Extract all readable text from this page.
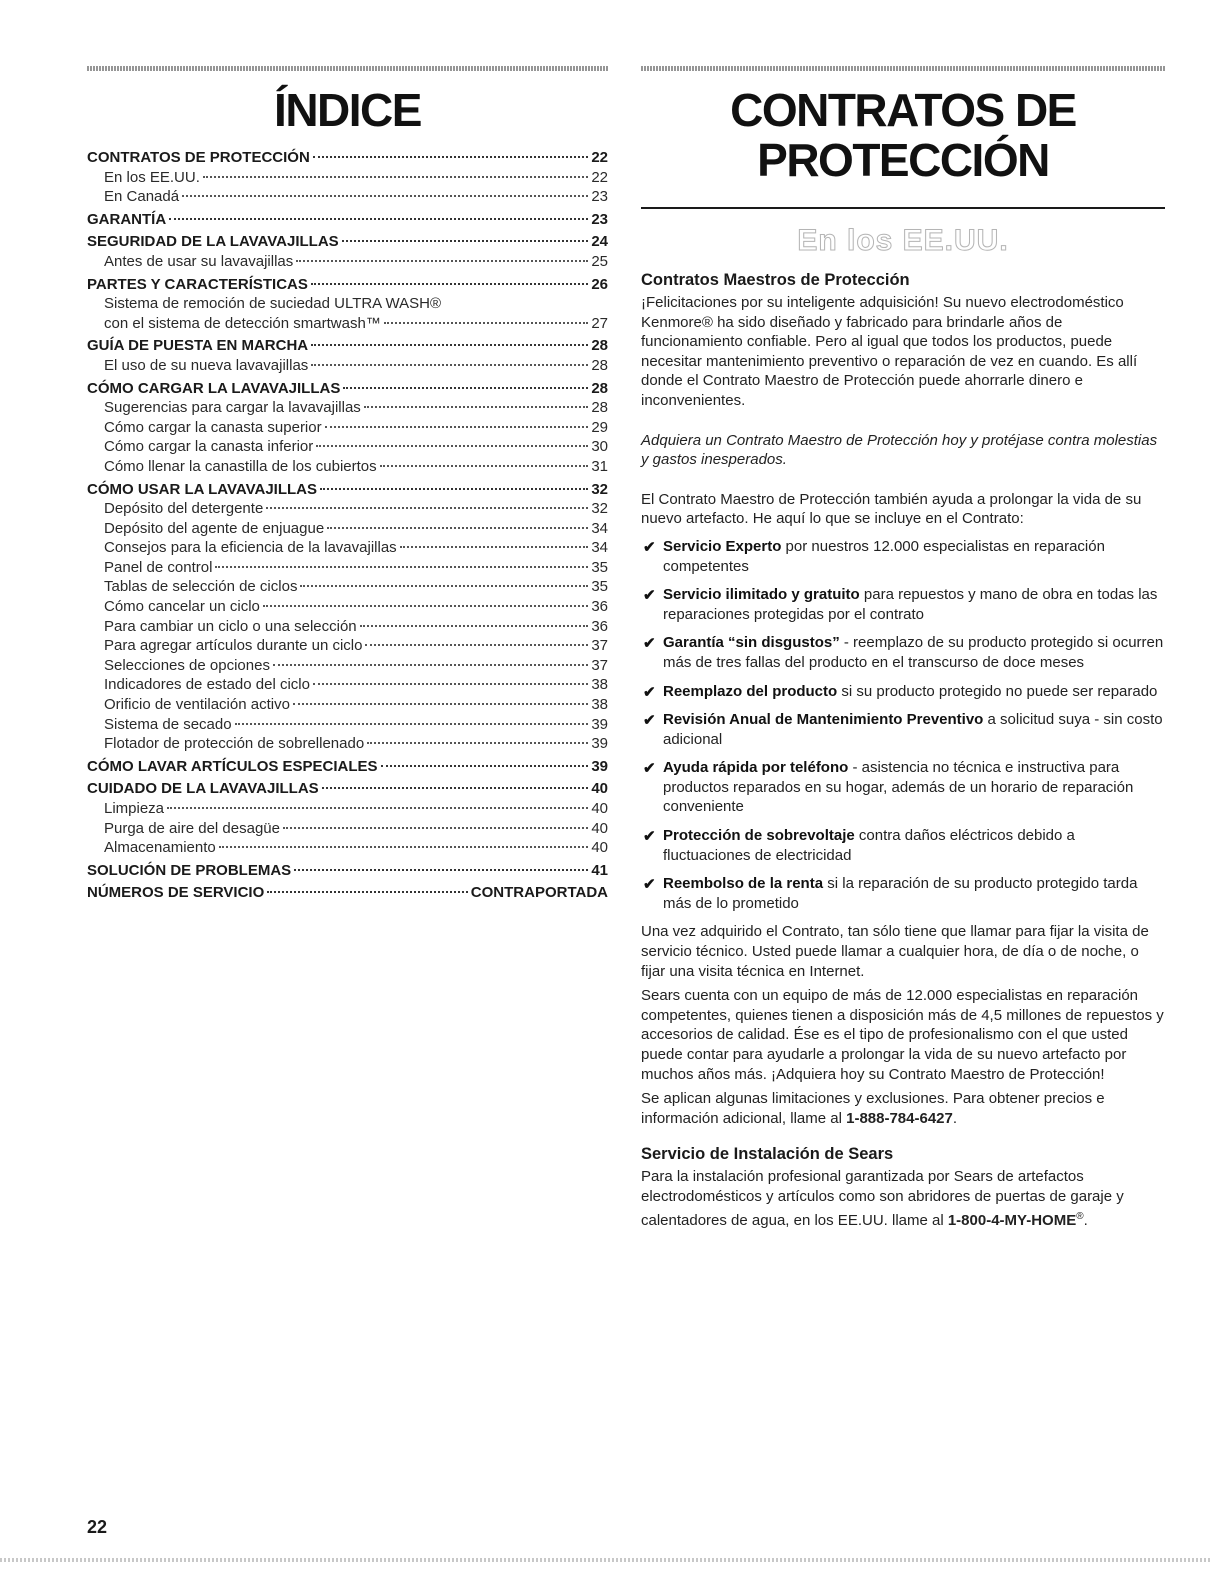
ÍNDICE
CONTRATOS DE PROTECCIÓN	22
En los EE.UU.	22
En Canadá	23
GARANTÍA	23
SEGURIDAD DE LA LAVAVAJILLAS	24
Antes de usar su lavavajillas	25
PARTES Y CARACTERÍSTICAS	26
Sistema de remoción de suciedad ULTRA WASH®
con el sistema de detección smartwash™	27
GUÍA DE PUESTA EN MARCHA	28
El uso de su nueva lavavajillas	28
CÓMO CARGAR LA LAVAVAJILLAS	28
Sugerencias para cargar la lavavajillas	28
Cómo cargar la canasta superior	29
Cómo cargar la canasta inferior	30
Cómo llenar la canastilla de los cubiertos	31
CÓMO USAR LA LAVAVAJILLAS	32
Depósito del detergente	32
Depósito del agente de enjuague	34
Consejos para la eficiencia de la lavavajillas	34
Panel de control	35
Tablas de selección de ciclos	35
Cómo cancelar un ciclo	36
Para cambiar un ciclo o una selección	36
Para agregar artículos durante un ciclo	37
Selecciones de opciones	37
Indicadores de estado del ciclo	38
Orificio de ventilación activo	38
Sistema de secado	39
Flotador de protección de sobrellenado	39
CÓMO LAVAR ARTÍCULOS ESPECIALES	39
CUIDADO DE LA LAVAVAJILLAS	40
Limpieza	40
Purga de aire del desagüe	40
Almacenamiento	40
SOLUCIÓN DE PROBLEMAS	41
NÚMEROS DE SERVICIO	CONTRAPORTADA
CONTRATOS DE
PROTECCIÓN
En los EE.UU.
Contratos Maestros de Protección

¡Felicitaciones por su inteligente adquisición! Su nuevo electrodoméstico Kenmore® ha sido diseñado y fabricado para brindarle años de funcionamiento confiable. Pero al igual que todos los productos, puede necesitar mantenimiento preventivo o reparación de vez en cuando. Es allí donde el Contrato Maestro de Protección puede ahorrarle dinero e inconvenientes.

Adquiera un Contrato Maestro de Protección hoy y protéjase contra molestias y gastos inesperados.

El Contrato Maestro de Protección también ayuda a prolongar la vida de su nuevo artefacto. He aquí lo que se incluye en el Contrato:

✔ Servicio Experto por nuestros 12.000 especialistas en reparación competentes
✔ Servicio ilimitado y gratuito para repuestos y mano de obra en todas las reparaciones protegidas por el contrato
✔ Garantía “sin disgustos” - reemplazo de su producto protegido si ocurren más de tres fallas del producto en el transcurso de doce meses
✔ Reemplazo del producto si su producto protegido no puede ser reparado
✔ Revisión Anual de Mantenimiento Preventivo a solicitud suya - sin costo adicional
✔ Ayuda rápida por teléfono - asistencia no técnica e instructiva para productos reparados en su hogar, además de un horario de reparación conveniente
✔ Protección de sobrevoltaje contra daños eléctricos debido a fluctuaciones de electricidad
✔ Reembolso de la renta si la reparación de su producto protegido tarda más de lo prometido

Una vez adquirido el Contrato, tan sólo tiene que llamar para fijar la visita de servicio técnico. Usted puede llamar a cualquier hora, de día o de noche, o fijar una visita técnica en Internet.

Sears cuenta con un equipo de más de 12.000 especialistas en reparación competentes, quienes tienen a disposición más de 4,5 millones de repuestos y accesorios de calidad. Ése es el tipo de profesionalismo con el que usted puede contar para ayudarle a prolongar la vida de su nuevo artefacto por muchos años más. ¡Adquiera hoy su Contrato Maestro de Protección!

Se aplican algunas limitaciones y exclusiones. Para obtener precios e información adicional, llame al 1-888-784-6427.

Servicio de Instalación de Sears

Para la instalación profesional garantizada por Sears de artefactos electrodomésticos y artículos como son abridores de puertas de garaje y calentadores de agua, en los EE.UU. llame al 1-800-4-MY-HOME®.

22
